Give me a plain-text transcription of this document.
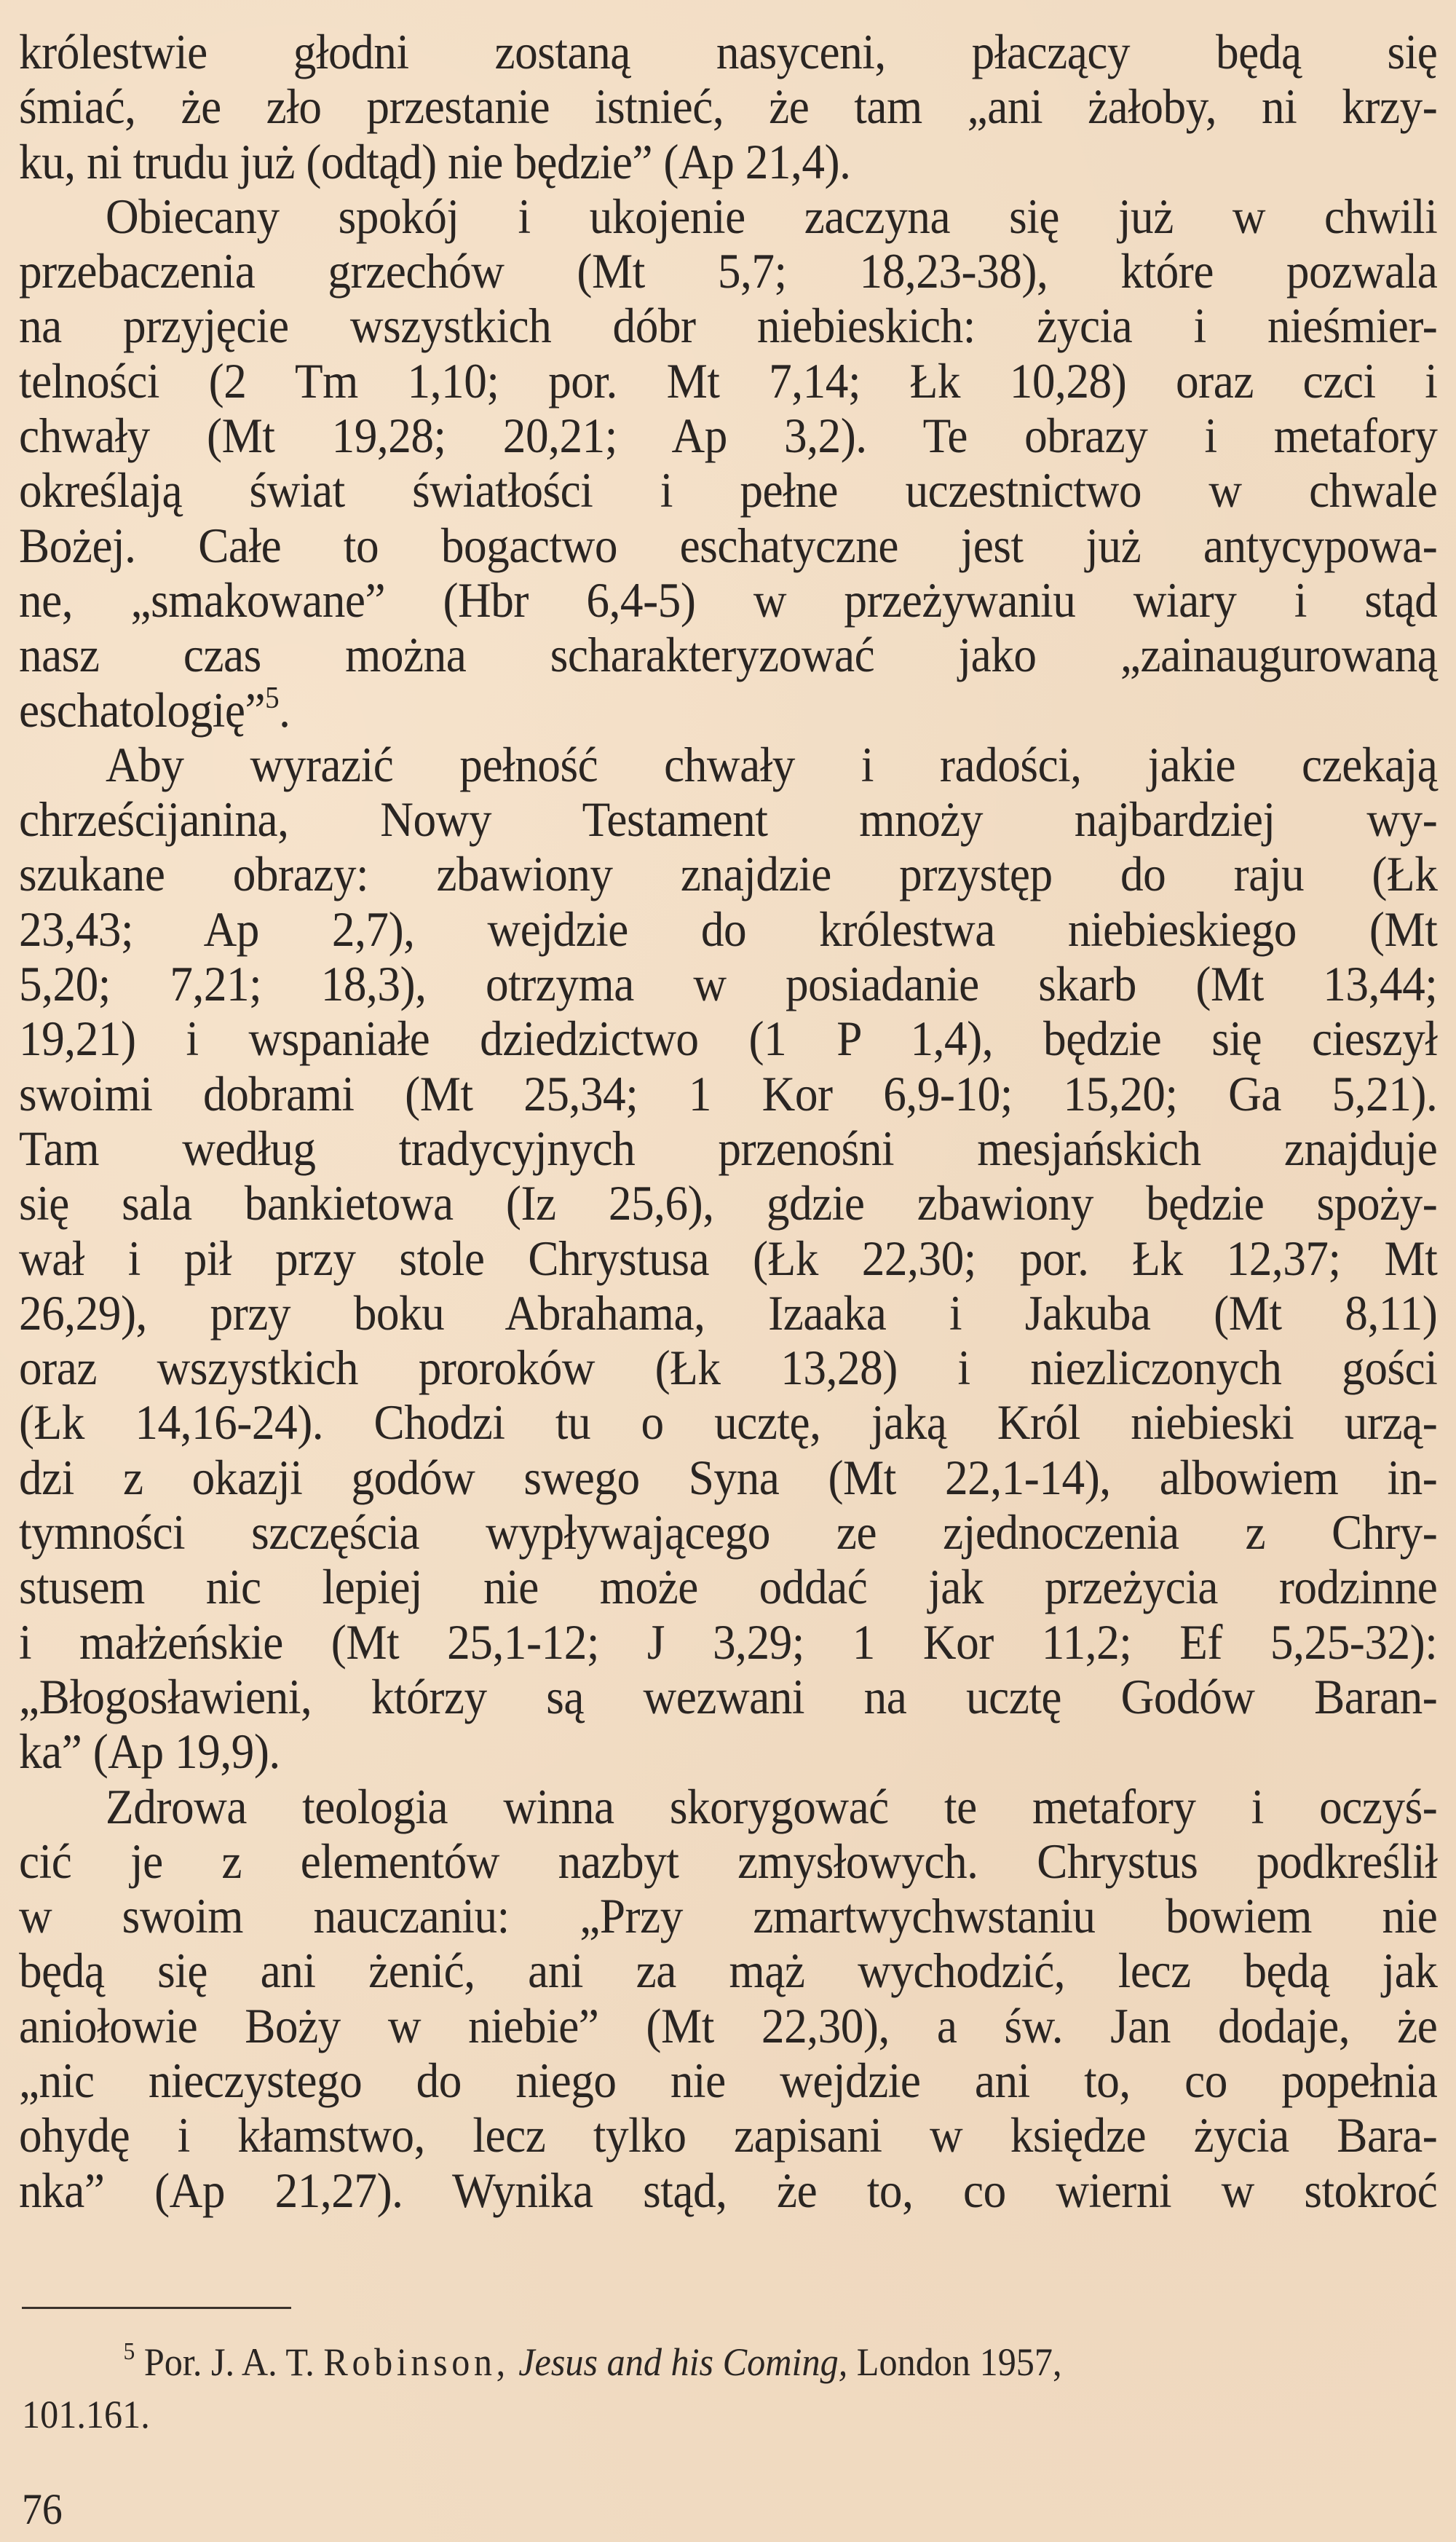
królestwie głodni zostaną nasyceni, płaczący będą się
śmiać, że zło przestanie istnieć, że tam „ani żałoby, ni krzy-
ku, ni trudu już (odtąd) nie będzie” (Ap 21,4).
Obiecany spokój i ukojenie zaczyna się już w chwili
przebaczenia grzechów (Mt 5,7; 18,23-38), które pozwala
na przyjęcie wszystkich dóbr niebieskich: życia i nieśmier-
telności (2 Tm 1,10; por. Mt 7,14; Łk 10,28) oraz czci i
chwały (Mt 19,28; 20,21; Ap 3,2). Te obrazy i metafory
określają świat światłości i pełne uczestnictwo w chwale
Bożej. Całe to bogactwo eschatyczne jest już antycypowa-
ne, „smakowane” (Hbr 6,4-5) w przeżywaniu wiary i stąd
nasz czas można scharakteryzować jako „zainaugurowaną
eschatologię”$^5$.
Aby wyrazić pełność chwały i radości, jakie czekają
chrześcijanina, Nowy Testament mnoży najbardziej wy-
szukane obrazy: zbawiony znajdzie przystęp do raju (Łk
23,43; Ap 2,7), wejdzie do królestwa niebieskiego (Mt
5,20; 7,21; 18,3), otrzyma w posiadanie skarb (Mt 13,44;
19,21) i wspaniałe dziedzictwo (1 P 1,4), będzie się cieszył
swoimi dobrami (Mt 25,34; 1 Kor 6,9-10; 15,20; Ga 5,21).
Tam według tradycyjnych przenośni mesjańskich znajduje
się sala bankietowa (Iz 25,6), gdzie zbawiony będzie spoży-
wał i pił przy stole Chrystusa (Łk 22,30; por. Łk 12,37; Mt
26,29), przy boku Abrahama, Izaaka i Jakuba (Mt 8,11)
oraz wszystkich proroków (Łk 13,28) i niezliczonych gości
(Łk 14,16-24). Chodzi tu o ucztę, jaką Król niebieski urzą-
dzi z okazji godów swego Syna (Mt 22,1-14), albowiem in-
tymności szczęścia wypływającego ze zjednoczenia z Chry-
stusem nic lepiej nie może oddać jak przeżycia rodzinne
i małżeńskie (Mt 25,1-12; J 3,29; 1 Kor 11,2; Ef 5,25-32):
„Błogosławieni, którzy są wezwani na ucztę Godów Baran-
ka” (Ap 19,9).
Zdrowa teologia winna skorygować te metafory i oczyś-
cić je z elementów nazbyt zmysłowych. Chrystus podkreślił
w swoim nauczaniu: „Przy zmartwychwstaniu bowiem nie
będą się ani żenić, ani za mąż wychodzić, lecz będą jak
aniołowie Boży w niebie” (Mt 22,30), a św. Jan dodaje, że
„nic nieczystego do niego nie wejdzie ani to, co popełnia
ohydę i kłamstwo, lecz tylko zapisani w księdze życia Bara-
nka” (Ap 21,27). Wynika stąd, że to, co wierni w stokroć
$^5$ Por. J. A. T. Robinson, Jesus and his Coming, London 1957,
101.161.
76
